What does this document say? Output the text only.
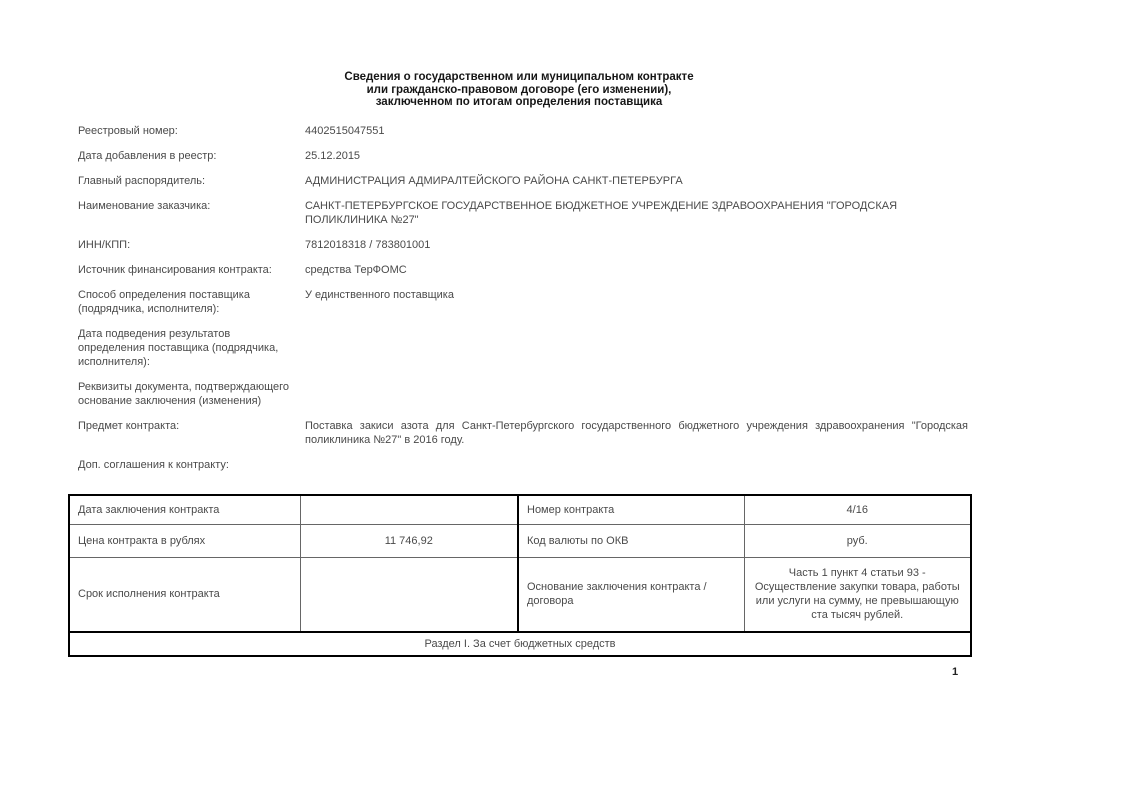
Сведения о государственном или муниципальном контракте
или гражданско-правовом договоре (его изменении),
заключенном по итогам определения поставщика
Реестровый номер:	4402515047551
Дата добавления в реестр:	25.12.2015
Главный распорядитель:	АДМИНИСТРАЦИЯ АДМИРАЛТЕЙСКОГО РАЙОНА САНКТ-ПЕТЕРБУРГА
Наименование заказчика:	САНКТ-ПЕТЕРБУРГСКОЕ ГОСУДАРСТВЕННОЕ БЮДЖЕТНОЕ УЧРЕЖДЕНИЕ ЗДРАВООХРАНЕНИЯ "ГОРОДСКАЯ ПОЛИКЛИНИКА №27"
ИНН/КПП:	7812018318 / 783801001
Источник финансирования контракта:	средства ТерФОМС
Способ определения поставщика (подрядчика, исполнителя):
У единственного поставщика
Дата подведения результатов определения поставщика (подрядчика, исполнителя):
Реквизиты документа, подтверждающего основание заключения (изменения)
Предмет контракта:	Поставка закиси азота для Санкт-Петербургского государственного бюджетного учреждения здравоохранения "Городская поликлиника №27" в 2016 году.
Доп. соглашения к контракту:
Дата заключения контракта		Номер контракта	4/16
Цена контракта в рублях	11 746,92	Код валюты по ОКВ	руб.
Срок исполнения контракта		Основание заключения контракта / договора	Часть 1 пункт 4 статьи 93 - Осуществление закупки товара, работы или услуги на сумму, не превышающую ста тысяч рублей.
Раздел I. За счет бюджетных средств			
1
